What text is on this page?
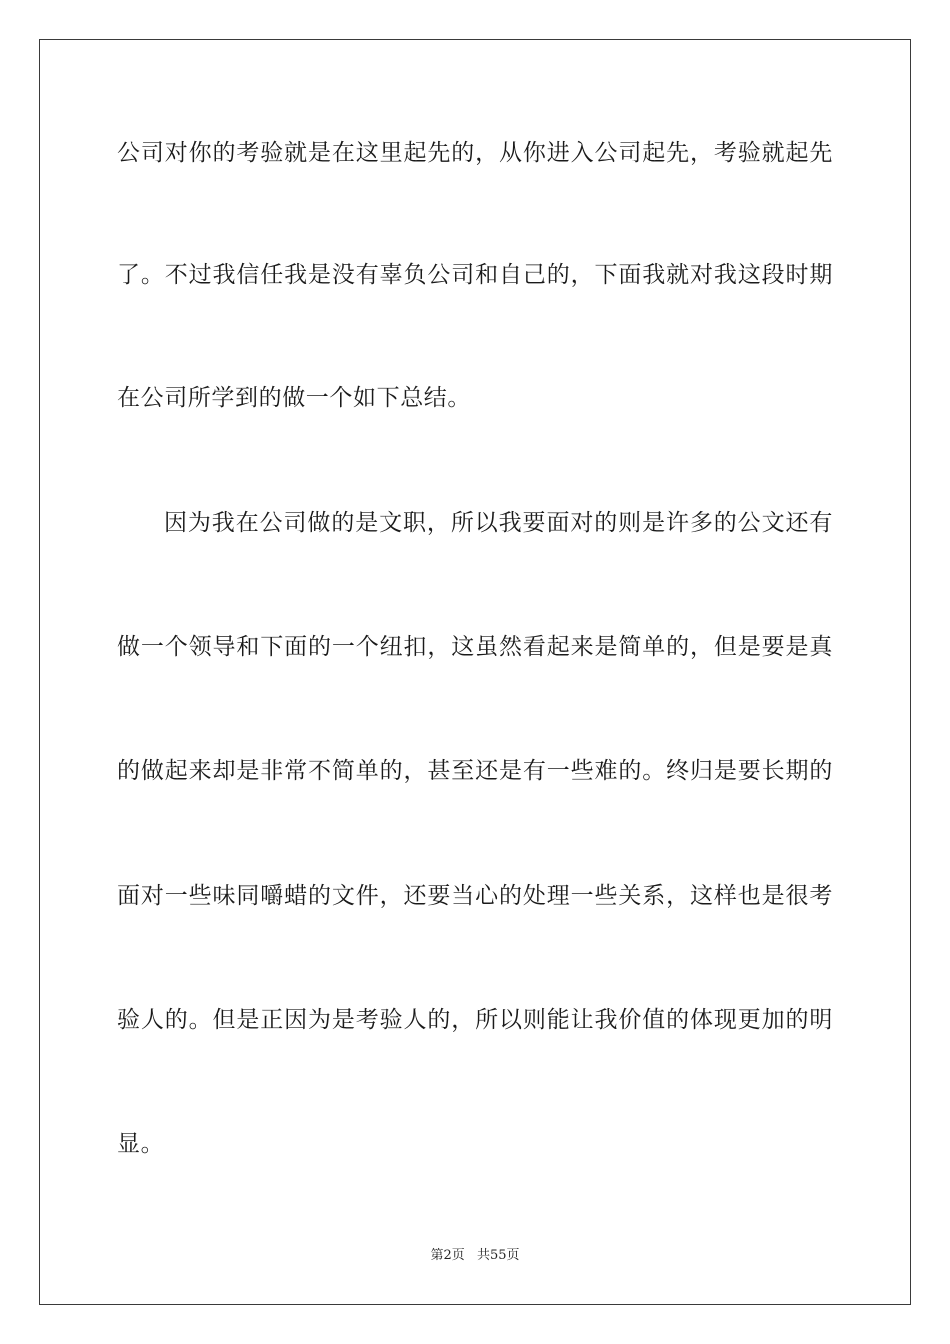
公司对你的考验就是在这里起先的，从你进入公司起先，考验就起先

了。不过我信任我是没有辜负公司和自己的，下面我就对我这段时期

在公司所学到的做一个如下总结。

因为我在公司做的是文职，所以我要面对的则是许多的公文还有

做一个领导和下面的一个纽扣，这虽然看起来是简单的，但是要是真

的做起来却是非常不简单的，甚至还是有一些难的。终归是要长期的

面对一些味同嚼蜡的文件，还要当心的处理一些关系，这样也是很考

验人的。但是正因为是考验人的，所以则能让我价值的体现更加的明

显。

第2页 共55页
